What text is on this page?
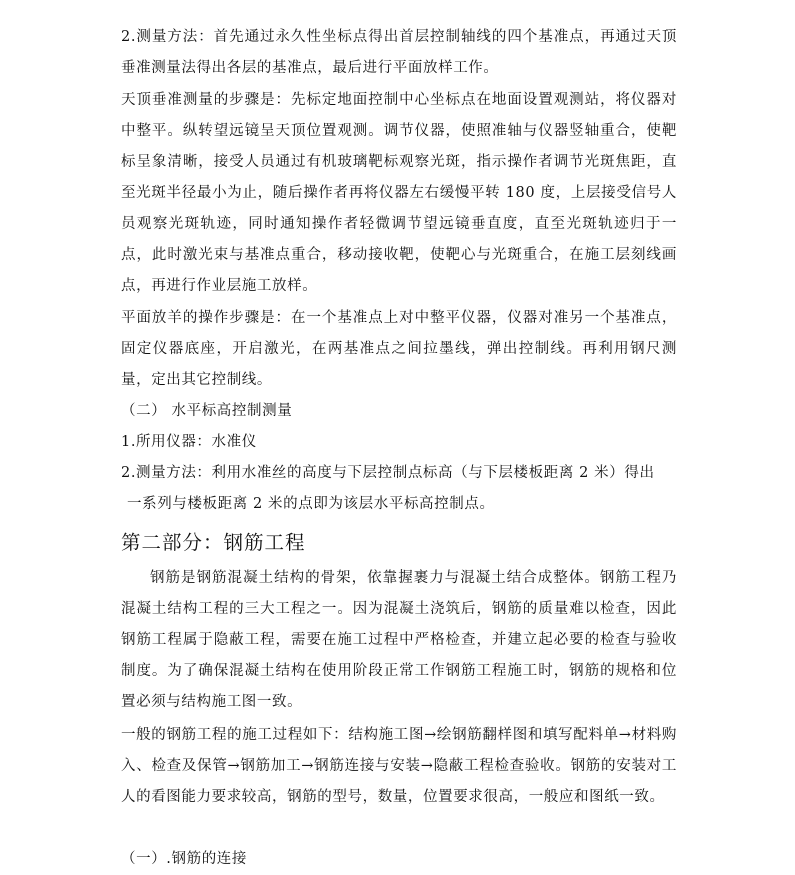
2.测量方法：首先通过永久性坐标点得出首层控制轴线的四个基准点，再通过天顶垂准测量法得出各层的基准点，最后进行平面放样工作。

天顶垂准测量的步骤是：先标定地面控制中心坐标点在地面设置观测站，将仪器对中整平。纵转望远镜呈天顶位置观测。调节仪器，使照准轴与仪器竖轴重合，使靶标呈象清晰，接受人员通过有机玻璃靶标观察光斑，指示操作者调节光斑焦距，直至光斑半径最小为止，随后操作者再将仪器左右缓慢平转 180 度，上层接受信号人员观察光斑轨迹，同时通知操作者轻微调节望远镜垂直度，直至光斑轨迹归于一点，此时激光束与基准点重合，移动接收靶，使靶心与光斑重合，在施工层刻线画点，再进行作业层施工放样。

平面放羊的操作步骤是：在一个基准点上对中整平仪器，仪器对准另一个基准点，固定仪器底座，开启激光，在两基准点之间拉墨线，弹出控制线。再利用钢尺测量，定出其它控制线。

（二） 水平标高控制测量

1.所用仪器：水准仪

2.测量方法：利用水准丝的高度与下层控制点标高（与下层楼板距离 2 米）得出
一系列与楼板距离 2 米的点即为该层水平标高控制点。
第二部分：钢筋工程

钢筋是钢筋混凝土结构的骨架，依靠握裹力与混凝土结合成整体。钢筋工程乃混凝土结构工程的三大工程之一。因为混凝土浇筑后，钢筋的质量难以检查，因此钢筋工程属于隐蔽工程，需要在施工过程中严格检查，并建立起必要的检查与验收制度。为了确保混凝土结构在使用阶段正常工作钢筋工程施工时，钢筋的规格和位置必须与结构施工图一致。

一般的钢筋工程的施工过程如下：结构施工图→绘钢筋翻样图和填写配料单→材料购入、检查及保管→钢筋加工→钢筋连接与安装→隐蔽工程检查验收。钢筋的安装对工人的看图能力要求较高，钢筋的型号，数量，位置要求很高，一般应和图纸一致。

（一）.钢筋的连接
